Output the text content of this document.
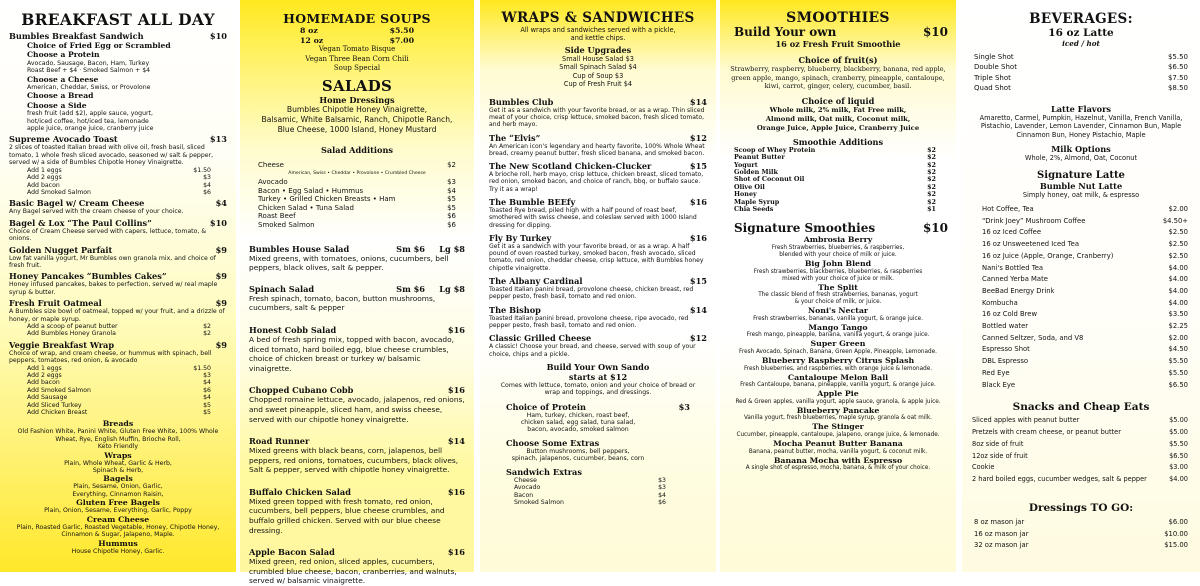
BREAKFAST ALL DAY
Bumbles Breakfast Sandwich	$10
Choice of Fried Egg or Scrambled
Choose a Protein
Avocado, Sausage, Bacon, Ham, Turkey
Roast Beef + $4 · Smoked Salmon + $4
Choose a Cheese
American, Cheddar, Swiss, or Provolone
Choose a Bread
Choose a Side
fresh fruit (add $2), apple sauce, yogurt,
hot/iced coffee, hot/iced tea, lemonade
apple juice, orange juice, cranberry juice
Supreme Avocado Toast	$13
2 slices of toasted Italian bread with olive oil, fresh basil, sliced tomato, 1 whole fresh sliced avocado, seasoned w/ salt & pepper, served w/ a side of Bumbles Chipotle Honey Vinaigrette.
Add 1 eggs	$1.50
Add 2 eggs	$3
Add bacon	$4
Add Smoked Salmon	$6
Basic Bagel w/ Cream Cheese	$4
Any Bagel served with the cream cheese of your choice.
Bagel & Lox “The Paul Collins”	$10
Choice of Cream Cheese served with capers, lettuce, tomato, & onions.
Golden Nugget Parfait	$9
Low fat vanilla yogurt, Mr Bumbles own granola mix, and choice of fresh fruit.
Honey Pancakes “Bumbles Cakes”	$9
Honey infused pancakes, bakes to perfection, served w/ real maple syrup & butter.
Fresh Fruit Oatmeal	$9
A Bumbles size bowl of oatmeal, topped w/ your fruit, and a drizzle of honey, or maple syrup.
Add a scoop of peanut butter	$2
Add Bumbles Honey Granola	$2
Veggie Breakfast Wrap	$9
Choice of wrap, and cream cheese, or hummus with spinach, bell peppers, tomatoes, red onion, & avocado
Add 1 eggs	$1.50
Add 2 eggs	$3
Add bacon	$4
Add Smoked Salmon	$6
Add Sausage	$4
Add Sliced Turkey	$5
Add Chicken Breast	$5
Breads
Old Fashion White, Panini White, Gluten Free White, 100% Whole Wheat, Rye, English Muffin, Brioche Roll,
Keto Friendly
Wraps
Plain, Whole Wheat, Garlic & Herb,
Spinach & Herb,
Bagels
Plain, Sesame, Onion, Garlic,
Everything, Cinnamon Raisin,
Gluten Free Bagels
Plain, Onion, Sesame, Everything, Garlic, Poppy
Cream Cheese
Plain, Roasted Garlic, Roasted Vegetable, Honey, Chipotle Honey,
Cinnamon & Sugar, Jalapeno, Maple.
Hummus
House Chipotle Honey, Garlic.
HOMEMADE SOUPS
8 oz	$5.50
12 oz	$7.00
Vegan Tomato Bisque
Vegan Three Bean Corn Chili
Soup Special
SALADS
Home Dressings
Bumbles Chipotle Honey Vinaigrette,
Balsamic, White Balsamic, Ranch, Chipotle Ranch,
Blue Cheese, 1000 Island, Honey Mustard
Salad Additions
Cheese	$2
American, Swiss • Cheddar • Provolone • Crumbled Cheese
Avocado	$3
Bacon • Egg Salad • Hummus	$4
Turkey • Grilled Chicken Breasts • Ham	$5
Chicken Salad • Tuna Salad	$5
Roast Beef	$6
Smoked Salmon	$6
Bumbles House Salad	Sm $6 Lg $8
Mixed greens, with tomatoes, onions, cucumbers, bell peppers, black olives, salt & pepper.
Spinach Salad	Sm $6 Lg $8
Fresh spinach, tomato, bacon, button mushrooms, cucumbers, salt & pepper
Honest Cobb Salad	$16
A bed of fresh spring mix, topped with bacon, avocado, diced tomato, hard boiled egg, blue cheese crumbles, choice of chicken breast or turkey w/ balsamic vinaigrette.
Chopped Cubano Cobb	$16
Chopped romaine lettuce, avocado, jalapenos, red onions, and sweet pineapple, sliced ham, and swiss cheese, served with our chipotle honey vinaigrette.
Road Runner	$14
Mixed greens with black beans, corn, jalapenos, bell peppers, red onions, tomatoes, cucumbers, black olives, Salt & pepper, served with chipotle honey vinaigrette.
Buffalo Chicken Salad	$16
Mixed green topped with fresh tomato, red onion, cucumbers, bell peppers, blue cheese crumbles, and buffalo grilled chicken. Served with our blue cheese dressing.
Apple Bacon Salad	$16
Mixed green, red onion, sliced apples, cucumbers, crumbled blue cheese, bacon, cranberries, and walnuts, served w/ balsamic vinaigrette.
WRAPS & SANDWICHES
All wraps and sandwiches served with a pickle,
and kettle chips.
Side Upgrades
Small House Salad $3
Small Spinach Salad $4
Cup of Soup $3
Cup of Fresh Fruit $4
Bumbles Club	$14
Get it as a sandwich with your favorite bread, or as a wrap. Thin sliced meat of your choice, crisp lettuce, smoked bacon, fresh sliced tomato, and herb mayo.
The “Elvis”	$12
An American icon's legendary and hearty favorite, 100% Whole Wheat bread, creamy peanut butter, fresh sliced banana, and smoked bacon.
The New Scotland Chicken-Clucker	$15
A brioche roll, herb mayo, crisp lettuce, chicken breast, sliced tomato, red onion, smoked bacon, and choice of ranch, bbq, or buffalo sauce. Try it as a wrap!
The Bumble BEEfy	$16
Toasted Rye bread, piled high with a half pound of roast beef, smothered with swiss cheese, and coleslaw served with 1000 Island dressing for dipping.
Fly By Turkey	$16
Get it as a sandwich with your favorite bread, or as a wrap. A half pound of oven roasted turkey, smoked bacon, fresh avocado, sliced tomato, red onion, cheddar cheese, crisp lettuce, with Bumbles honey chipotle vinaigrette.
The Albany Cardinal	$15
Toasted Italian panini bread, provolone cheese, chicken breast, red pepper pesto, fresh basil, tomato and red onion.
The Bishop	$14
Toasted Italian panini bread, provolone cheese, ripe avocado, red pepper pesto, fresh basil, tomato and red onion.
Classic Grilled Cheese	$12
A classic! Choose your bread, and cheese, served with soup of your choice, chips and a pickle.
Build Your Own Sando
starts at $12
Comes with lettuce, tomato, onion and your choice of bread or wrap and toppings, and dressings.
Choice of Protein	$3
Ham, turkey, chicken, roast beef,
chicken salad, egg salad, tuna salad,
bacon, avocado, smoked salmon
Choose Some Extras
Button mushrooms, bell peppers,
spinach, jalapenos, cucumber, beans, corn
Sandwich Extras
Cheese	$3
Avocado	$3
Bacon	$4
Smoked Salmon	$6
SMOOTHIES
Build Your own	$10
16 oz Fresh Fruit Smoothie
Choice of fruit(s)
Strawberry, raspberry, blueberry, blackberry, banana, red apple, green apple, mango, spinach, cranberry, pineapple, cantaloupe, kiwi, carrot, ginger, celery, cucumber, basil.
Choice of liquid
Whole milk, 2% milk, Fat Free milk,
Almond milk, Oat milk, Coconut milk,
Orange Juice, Apple Juice, Cranberry Juice
Smoothie Additions
Scoop of Whey Protein	$2
Peanut Butter	$2
Yogurt	$2
Golden Milk	$2
Shot of Coconut Oil	$2
Olive Oil	$2
Honey	$2
Maple Syrup	$2
Chia Seeds	$1
Signature Smoothies	$10
Ambrosia Berry
Fresh Strawberries, blueberries, & raspberries,
blended with your choice of milk or juice.
Big John Blend
Fresh strawberries, blackberries, blueberries, & raspberries
mixed with your choice of juice or milk.
The Split
The classic blend of fresh strawberries, bananas, yogurt
& your choice of milk, or juice.
Noni's Nectar
Fresh strawberries, bananas, vanilla yogurt, & orange juice.
Mango Tango
Fresh mango, pineapple, banana, vanilla yogurt, & orange juice.
Super Green
Fresh Avocado, Spinach, Banana, Green Apple, Pineapple, Lemonade.
Blueberry Raspberry Citrus Splash
Fresh blueberries, and raspberries, with orange juice & lemonade.
Cantaloupe Melon Ball
Fresh Cantaloupe, banana, pineapple, vanilla yogurt, & orange juice.
Apple Pie
Red & Green apples, vanilla yogurt, apple sauce, granola, & apple juice.
Blueberry Pancake
Vanilla yogurt, fresh blueberries, maple syrup, granola & oat milk.
The Stinger
Cucumber, pineapple, cantaloupe, jalapeno, orange juice, & lemonade.
Mocha Peanut Butter Banana
Banana, peanut butter, mocha, vanilla yogurt, & coconut milk.
Banana Mocha with Espresso
A single shot of espresso, mocha, banana, & milk of your choice.
BEVERAGES:
16 oz Latte
iced / hot
Single Shot	$5.50
Double Shot	$6.50
Triple Shot	$7.50
Quad Shot	$8.50
Latte Flavors
Amaretto, Carmel, Pumpkin, Hazelnut, Vanilla, French Vanilla, Pistachio, Lavender, Lemon Lavender, Cinnamon Bun, Maple
Cinnamon Bun, Honey Pistachio, Maple
Milk Options
Whole, 2%, Almond, Oat, Coconut
Signature Latte
Bumble Nut Latte
Simply honey, oat milk, & espresso
Hot Coffee, Tea	$2.00
“Drink Joey” Mushroom Coffee	$4.50+
16 oz Iced Coffee	$2.50
16 oz Unsweetened Iced Tea	$2.50
16 oz Juice (Apple, Orange, Cranberry)	$2.50
Nani's Bottled Tea	$4.00
Canned Yerba Mate	$4.00
BeeBad Energy Drink	$4.00
Kombucha	$4.00
16 oz Cold Brew	$3.50
Bottled water	$2.25
Canned Seltzer, Soda, and V8	$2.00
Espresso Shot	$4.50
DBL Espresso	$5.50
Red Eye	$5.50
Black Eye	$6.50
Snacks and Cheap Eats
Sliced apples with peanut butter	$5.00
Pretzels with cream cheese, or peanut butter	$5.00
8oz side of fruit	$5.50
12oz side of fruit	$6.50
Cookie	$3.00
2 hard boiled eggs, cucumber wedges, salt & pepper	$4.00
Dressings TO GO:
8 oz mason jar	$6.00
16 oz mason jar	$10.00
32 oz mason jar	$15.00
